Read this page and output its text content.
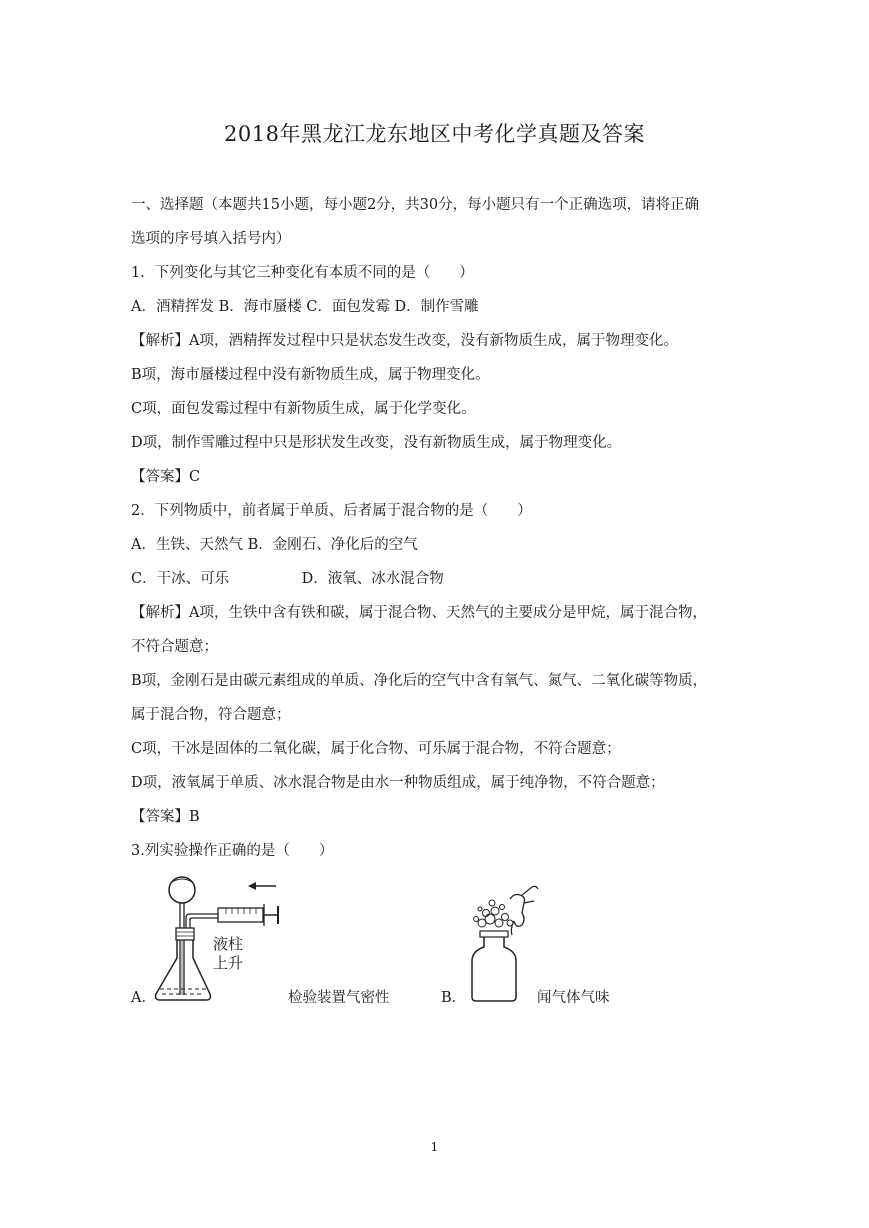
2018年黑龙江龙东地区中考化学真题及答案
一、选择题（本题共15小题，每小题2分，共30分，每小题只有一个正确选项，请将正确
选项的序号填入括号内）
1．下列变化与其它三种变化有本质不同的是（　　）
A．酒精挥发 B．海市蜃楼 C．面包发霉 D．制作雪雕
【解析】A项，酒精挥发过程中只是状态发生改变，没有新物质生成，属于物理变化。
B项，海市蜃楼过程中没有新物质生成，属于物理变化。
C项，面包发霉过程中有新物质生成，属于化学变化。
D项，制作雪雕过程中只是形状发生改变，没有新物质生成，属于物理变化。
【答案】C
2．下列物质中，前者属于单质、后者属于混合物的是（　　）
A．生铁、天然气 B．金刚石、净化后的空气
C．干冰、可乐　　　　　D．液氧、冰水混合物
【解析】A项，生铁中含有铁和碳，属于混合物、天然气的主要成分是甲烷，属于混合物，
不符合题意；
B项，金刚石是由碳元素组成的单质、净化后的空气中含有氧气、氮气、二氧化碳等物质，
属于混合物，符合题意；
C项，干冰是固体的二氧化碳，属于化合物、可乐属于混合物，不符合题意；
D项，液氧属于单质、冰水混合物是由水一种物质组成，属于纯净物，不符合题意；
【答案】B
3.列实验操作正确的是（　　）
A．
液柱
上升
检验装置气密性	B．	闻气体气味
1
